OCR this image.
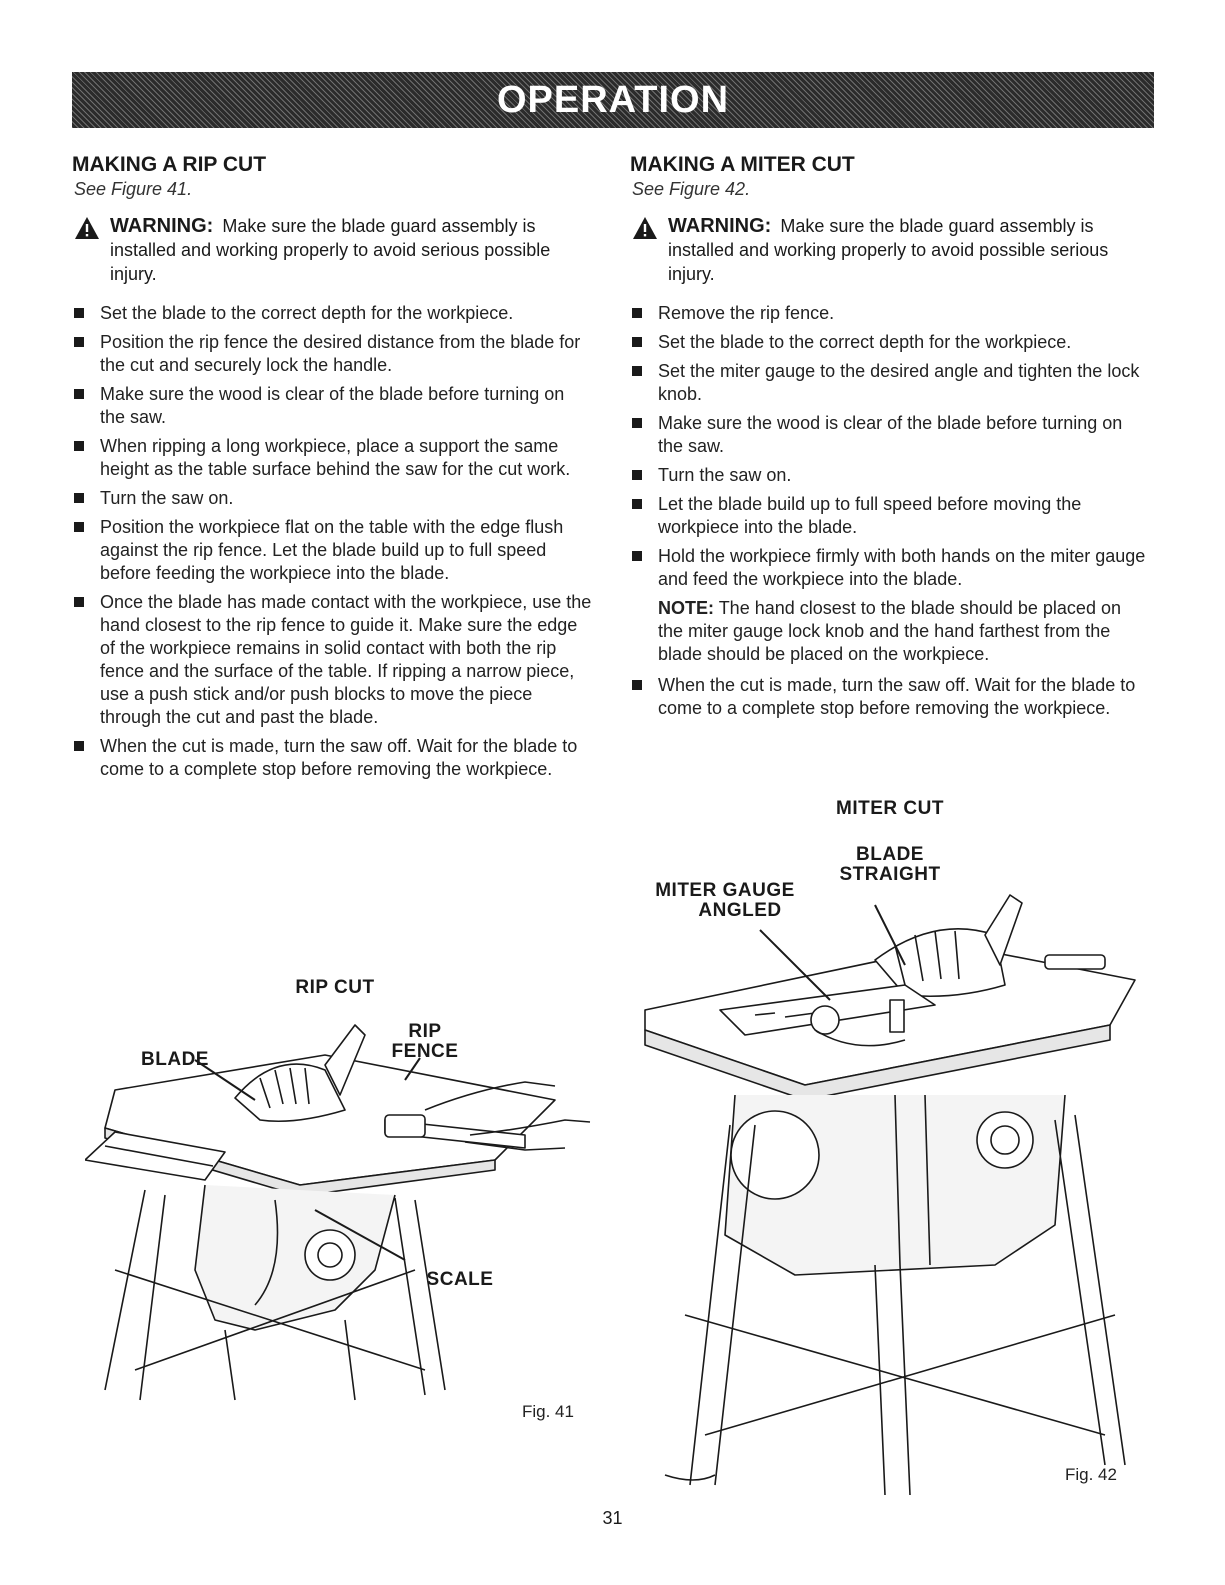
OPERATION
MAKING A RIP CUT

See Figure 41.

WARNING: Make sure the blade guard assembly is installed and working properly to avoid serious possible injury.
Set the blade to the correct depth for the workpiece.
Position the rip fence the desired distance from the blade for the cut and securely lock the handle.
Make sure the wood is clear of the blade before turning on the saw.
When ripping a long workpiece, place a support the same height as the table surface behind the saw for the cut work.
Turn the saw on.
Position the workpiece flat on the table with the edge flush against the rip fence. Let the blade build up to full speed before feeding the workpiece into the blade.
Once the blade has made contact with the workpiece, use the hand closest to the rip fence to guide it. Make sure the edge of the workpiece remains in solid contact with both the rip fence and the surface of the table. If ripping a narrow piece, use a push stick and/or push blocks to move the piece through the cut and past the blade.
When the cut is made, turn the saw off. Wait for the blade to come to a complete stop before removing the workpiece.
MAKING A MITER CUT

See Figure 42.

WARNING: Make sure the blade guard assembly is installed and working properly to avoid possible serious injury.
Remove the rip fence.
Set the blade to the correct depth for the workpiece.
Set the miter gauge to the desired angle and tighten the lock knob.
Make sure the wood is clear of the blade before turning on the saw.
Turn the saw on.
Let the blade build up to full speed before moving the workpiece into the blade.
Hold the workpiece firmly with both hands on the miter gauge and feed the workpiece into the blade.

NOTE: The hand closest to the blade should be placed on the miter gauge lock knob and the hand farthest from the blade should be placed on the workpiece.

When the cut is made, turn the saw off. Wait for the blade to come to a complete stop before removing the workpiece.
RIP CUT
RIP
FENCE
BLADE
SCALE
Fig. 41
MITER CUT
BLADE
STRAIGHT
MITER GAUGE
ANGLED
Fig. 42
31
